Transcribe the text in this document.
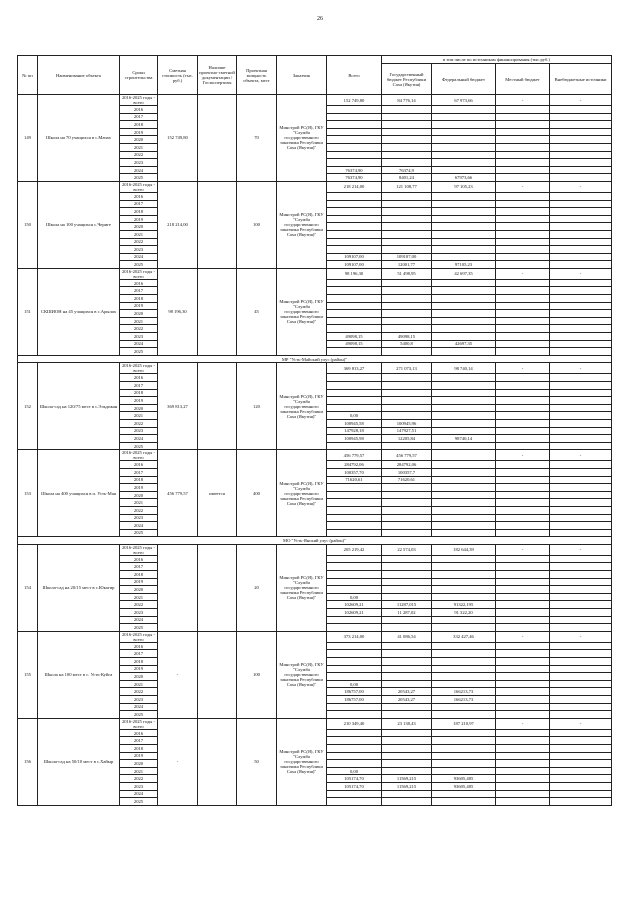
26
№ пп	Наименование объекта	Сроки строительства	Сметная стоимость (тыс. руб.)	Наличие проектно-сметной документации /Госэкспертизы	Проектная мощность объекта, мест	Заказчик	Всего	в том числе по источникам финансирования (тыс.руб.)			
								Государственный бюджет Республики Саха (Якутия)	Федеральный бюджет	Местный бюджет	Внебюджетные источники
149	Школа на 70 учащихся в с.Мачах	2016-2025 годы - всего	152 749,80		70	Минстрой РС(Я), ГКУ "Служба государственного заказчика Республики Саха (Якутия)"	152 749,80	84 776,14	67 973,66	-	-
		2016									
		2017									
		2018									
		2019									
		2020									
		2021									
		2022									
		2023									
		2024					76374,90	76374,9			
		2025					76374,90	8401,24	67973,66		
150	Школа на 100 учащихся с.Чериге	2016-2025 годы - всего	218 214,00		100	Минстрой РС(Я), ГКУ "Служба государственного заказчика Республики Саха (Якутия)"	218 214,00	121 108,77	97 105,23	-	-
		2016									
		2017									
		2018									
		2019									
		2020									
		2021									
		2022									
		2023									
		2024					109107,00	109107,00			
		2025					109107,00	12001,77	97105,23		
151	СКШИОН на 45 учащихся в с.Арылах	2016-2025 годы - всего	98 196,30		45	Минстрой РС(Я), ГКУ "Служба государственного заказчика Республики Саха (Якутия)"	98 196,30	51 498,95	42 697,35	-	-
		2016									
		2017									
		2018									
		2019									
		2020									
		2021									
		2022									
		2023					49098,15	49098,15			
		2024					49098,15	5400,8	42697,35		
		2025									
МР "Усть-Майский улус (район)"											
152	Школа-сад на 120/75 мест в с.Эльдикан	2016-2025 годы - всего	369 813,27		120	Минстрой РС(Я), ГКУ "Служба государственного заказчика Республики Саха (Якутия)"	369 813,27	271 073,13	98 740,14	-	-
		2016									
		2017									
		2018									
		2019									
		2020									
		2021					0,00				
		2022					100945,58	100945,96			
		2023					147928,18	147927,51			
		2024					100945,98	12205,84	98740,14		
		2025									
153	Школа на 400 учащихся в п. Усть-Мая	2016-2025 годы - всего	456 779,57	имеется	400	Минстрой РС(Я), ГКУ "Служба государственного заказчика Республики Саха (Якутия)"	456 779,57	456 779,57		-	-
		2016					284792,06	284792,06			
		2017					100357,70	100357,7			
		2018					71620,61	71620,61			
		2019									
		2020									
		2021									
		2022									
		2023									
		2024									
		2025									
МО "Усть-Янский улус (район)"											
154	Школа-сад на 20/15 мест в с.Юкагир	2016-2025 годы - всего			20	Минстрой РС(Я), ГКУ "Служба государственного заказчика Республики Саха (Якутия)"	205 219,42	22 574,03	182 644,39	-	-
		2016									
		2017									
		2018									
		2019									
		2020									
		2021					0,00				
		2022					102609,21	11287,015	91322,195		
		2023					102609,21	11 287,02	91 322,20		
		2024									
		2025									
155	Школа на 100 мест в с. Усть-Куйга	2016-2025 годы - всего	-		100	Минстрой РС(Я), ГКУ "Служба государственного заказчика Республики Саха (Якутия)"	373 214,00	41 086,54	332 427,46	-	-
		2016									
		2017									
		2018									
		2019									
		2020									
		2021					0,00				
		2022					186757,00	20543,27	166213,73		
		2023					186757,00	20543,27	166213,73		
		2024									
		2025									
156	Школа-сад на 50/10 мест в с.Хайыр	2016-2025 годы - всего	-		50	Минстрой РС(Я), ГКУ "Служба государственного заказчика Республики Саха (Якутия)"	210 349,40	23 138,43	187 210,97	-	-
		2016									
		2017									
		2018									
		2019									
		2020									
		2021					0,00				
		2022					105174,70	11569,215	93605,485		
		2023					105174,70	11569,215	93605,485		
		2024									
		2025									
